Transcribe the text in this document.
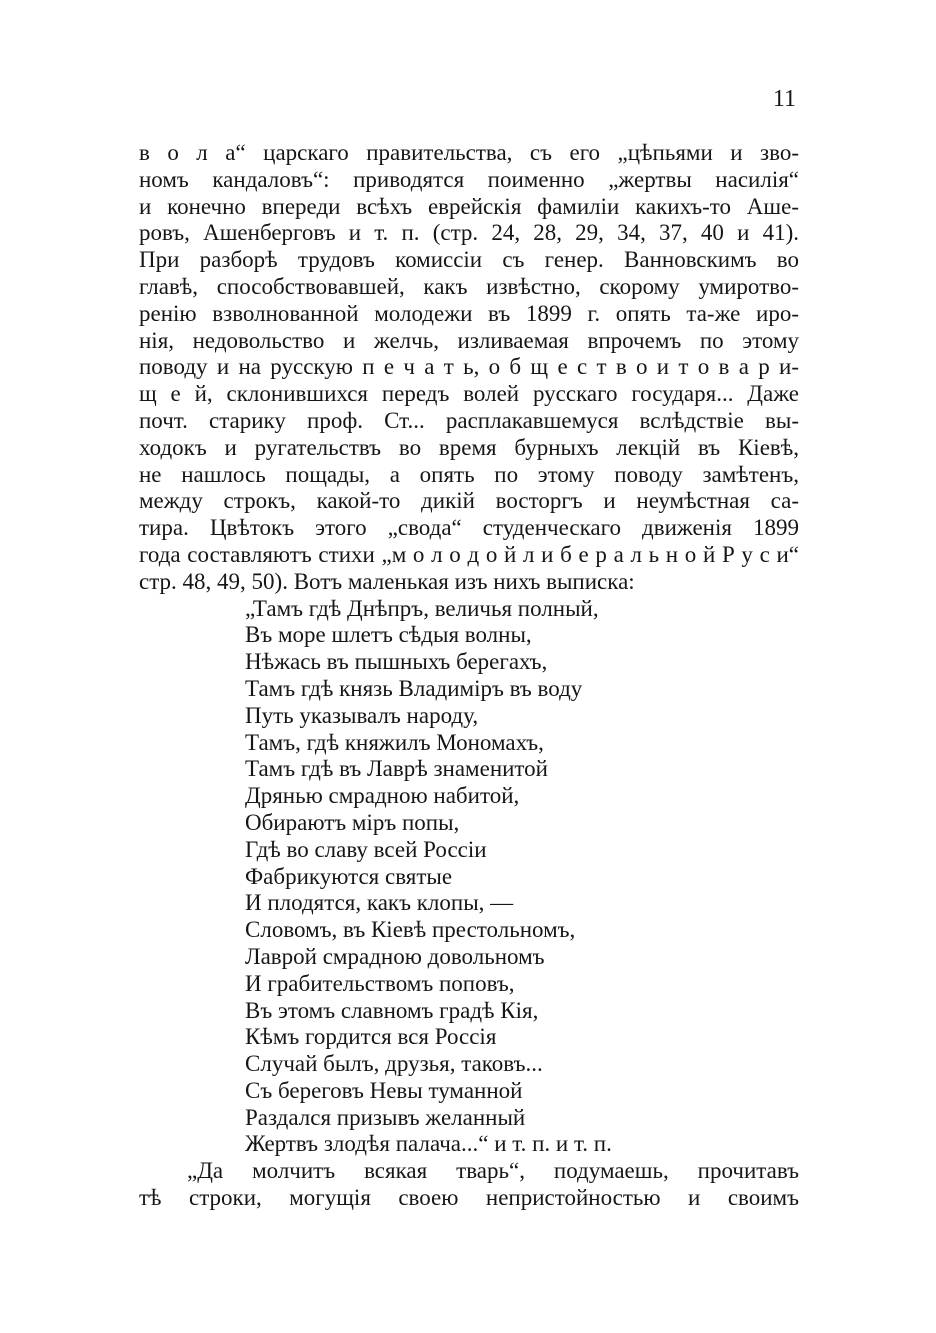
11
в о л а“ царскаго правительства, съ его „цѣпьями и зво-
номъ кандаловъ“: приводятся поименно „жертвы насилія“
и конечно впереди всѣхъ еврейскія фамиліи какихъ-то Аше-
ровъ, Ашенберговъ и т. п. (стр. 24, 28, 29, 34, 37, 40 и 41).
При разборѣ трудовъ комиссіи съ генер. Ванновскимъ во
главѣ, способствовавшей, какъ извѣстно, скорому умиротво-
ренію взволнованной молодежи въ 1899 г. опять та-же иро-
нія, недовольство и желчь, изливаемая впрочемъ по этому
поводу и на русскую п е ч а т ь, о б щ е с т в о и т о в а р и-
щ е й, склонившихся передъ волей русскаго государя... Даже
почт. старику проф. Ст... расплакавшемуся вслѣдствіе вы-
ходокъ и ругательствъ во время бурныхъ лекцій въ Кіевѣ,
не нашлось пощады, а опять по этому поводу замѣтенъ,
между строкъ, какой-то дикій восторгъ и неумѣстная са-
тира. Цвѣтокъ этого „свода“ студенческаго движенія 1899
года составляютъ стихи „м о л о д о й л и б е р а л ь н о й Р у с и“
стр. 48, 49, 50). Вотъ маленькая изъ нихъ выписка:
„Тамъ гдѣ Днѣпръ, величья полный,
Въ море шлетъ сѣдыя волны,
Нѣжась въ пышныхъ берегахъ,
Тамъ гдѣ князь Владиміръ въ воду
Путь указывалъ народу,
Тамъ, гдѣ княжилъ Мономахъ,
Тамъ гдѣ въ Лаврѣ знаменитой
Дрянью смрадною набитой,
Обираютъ міръ попы,
Гдѣ во славу всей Россіи
Фабрикуются святые
И плодятся, какъ клопы, —
Словомъ, въ Кіевѣ престольномъ,
Лаврой смрадною довольномъ
И грабительствомъ поповъ,
Въ этомъ славномъ градѣ Кія,
Кѣмъ гордится вся Россія
Случай былъ, друзья, таковъ...
Съ береговъ Невы туманной
Раздался призывъ желанный
Жертвъ злодѣя палача...“ и т. п. и т. п.
„Да молчитъ всякая тварь“, подумаешь, прочитавъ
тѣ строки, могущія своею непристойностью и своимъ
